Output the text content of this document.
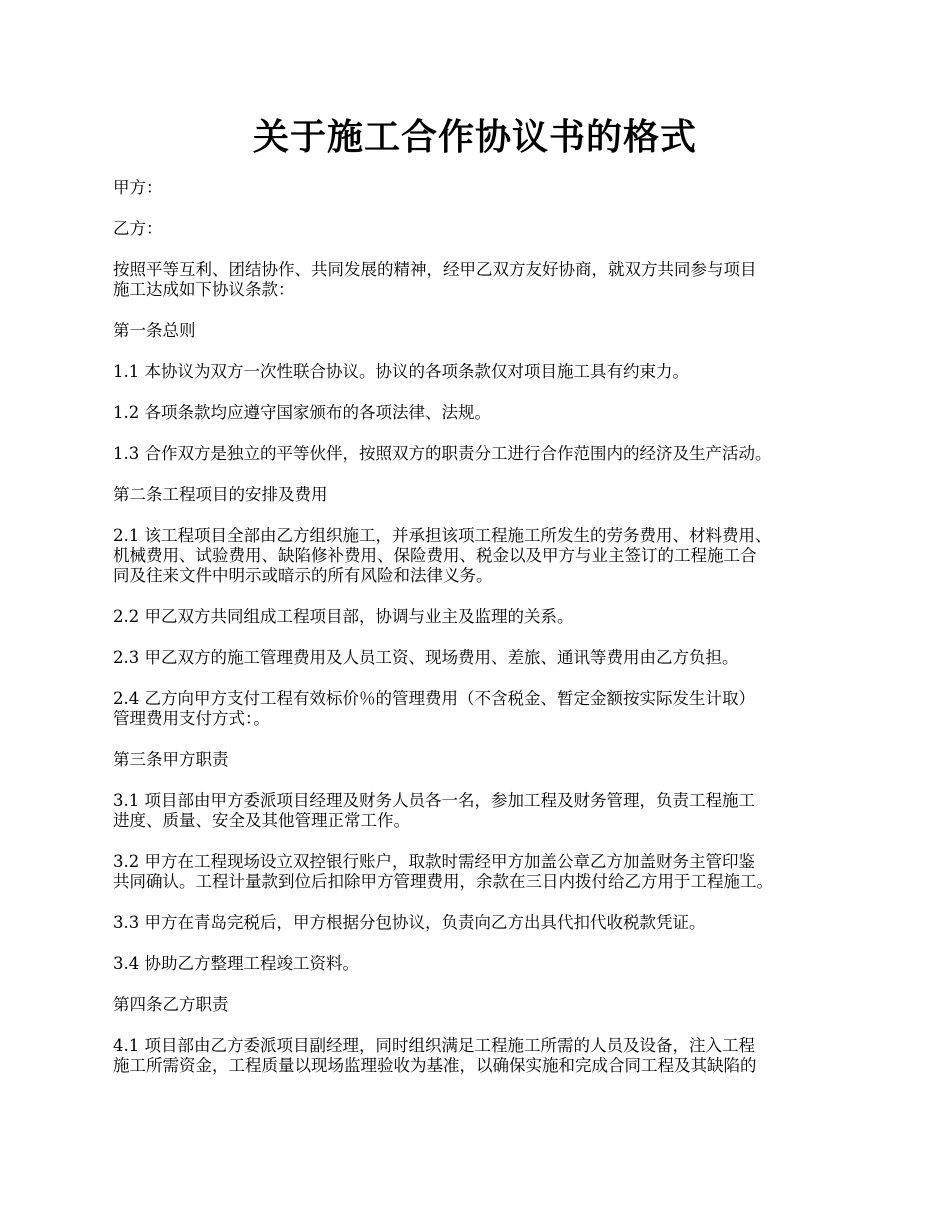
关于施工合作协议书的格式

甲方：

乙方：

按照平等互利、团结协作、共同发展的精神，经甲乙双方友好协商，就双方共同参与项目
施工达成如下协议条款：

第一条总则

1.1 本协议为双方一次性联合协议。协议的各项条款仅对项目施工具有约束力。

1.2 各项条款均应遵守国家颁布的各项法律、法规。

1.3 合作双方是独立的平等伙伴，按照双方的职责分工进行合作范围内的经济及生产活动。

第二条工程项目的安排及费用

2.1 该工程项目全部由乙方组织施工，并承担该项工程施工所发生的劳务费用、材料费用、
机械费用、试验费用、缺陷修补费用、保险费用、税金以及甲方与业主签订的工程施工合
同及往来文件中明示或暗示的所有风险和法律义务。

2.2 甲乙双方共同组成工程项目部，协调与业主及监理的关系。

2.3 甲乙双方的施工管理费用及人员工资、现场费用、差旅、通讯等费用由乙方负担。

2.4 乙方向甲方支付工程有效标价％的管理费用（不含税金、暂定金额按实际发生计取）
管理费用支付方式：。

第三条甲方职责

3.1 项目部由甲方委派项目经理及财务人员各一名，参加工程及财务管理，负责工程施工
进度、质量、安全及其他管理正常工作。

3.2 甲方在工程现场设立双控银行账户，取款时需经甲方加盖公章乙方加盖财务主管印鉴
共同确认。工程计量款到位后扣除甲方管理费用，余款在三日内拨付给乙方用于工程施工。

3.3 甲方在青岛完税后，甲方根据分包协议，负责向乙方出具代扣代收税款凭证。

3.4 协助乙方整理工程竣工资料。

第四条乙方职责

4.1 项目部由乙方委派项目副经理，同时组织满足工程施工所需的人员及设备，注入工程
施工所需资金，工程质量以现场监理验收为基准，以确保实施和完成合同工程及其缺陷的
